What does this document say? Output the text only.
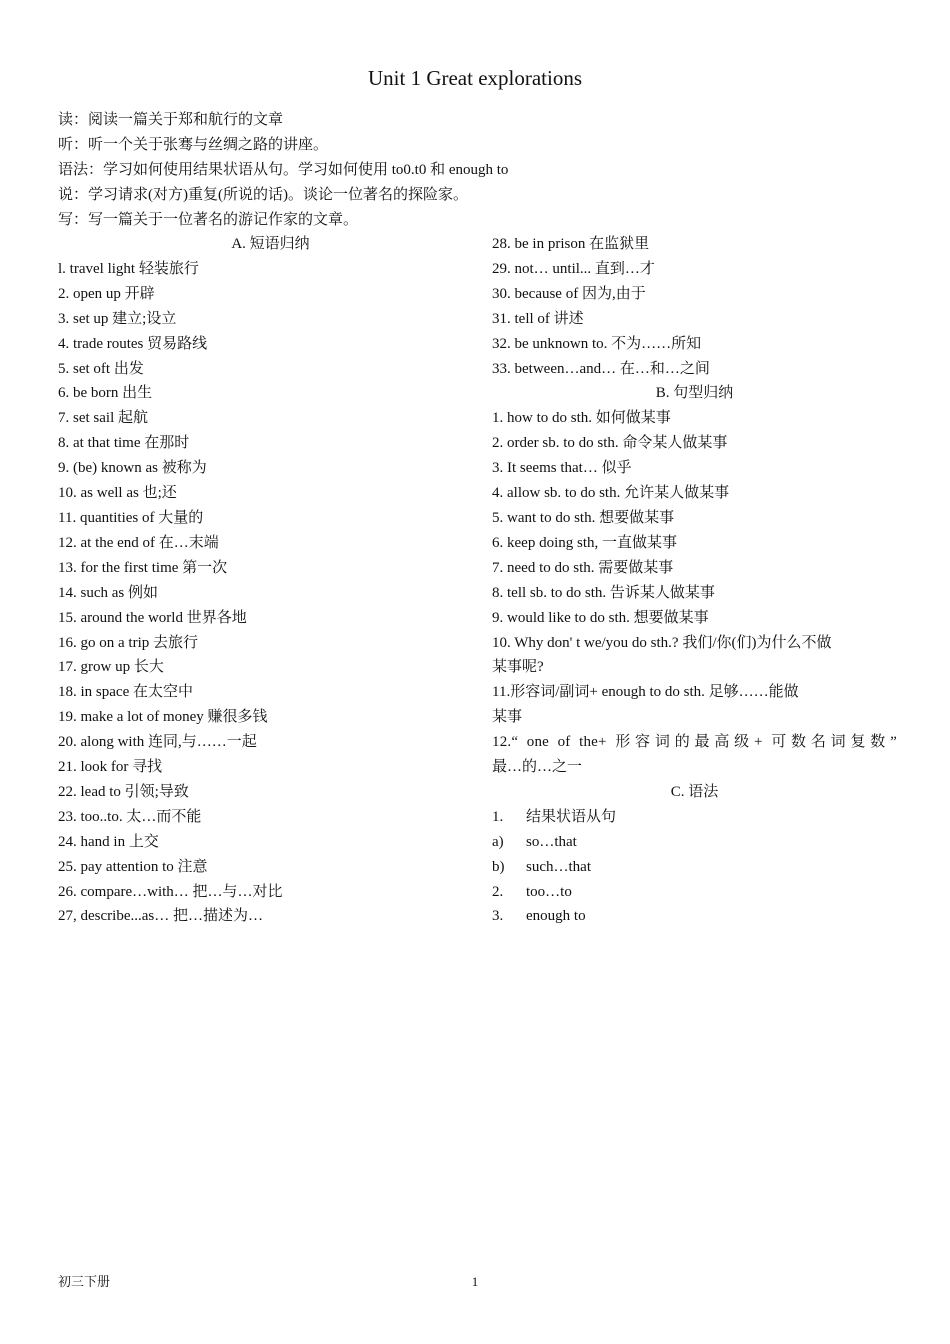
Unit 1 Great explorations
读：阅读一篇关于郑和航行的文章
听：听一个关于张骞与丝绸之路的讲座。
语法：学习如何使用结果状语从句。学习如何使用 to0.t0 和 enough to
说：学习请求(对方)重复(所说的话)。谈论一位著名的探险家。
写：写一篇关于一位著名的游记作家的文章。
A. 短语归纳
l. travel light 轻装旅行
2. open up 开辟
3. set up 建立;设立
4. trade routes 贸易路线
5. set oft 出发
6. be born 出生
7. set sail 起航
8. at that time 在那时
9. (be) known as 被称为
10. as well as 也;还
11. quantities of 大量的
12. at the end of 在…末端
13. for the first time 第一次
14. such as 例如
15. around the world 世界各地
16. go on a trip 去旅行
17. grow up 长大
18. in space 在太空中
19. make a lot of money 赚很多钱
20. along with 连同,与……一起
21. look for 寻找
22. lead to 引领;导致
23. too..to. 太…而不能
24. hand in 上交
25. pay attention to 注意
26. compare…with… 把…与…对比
27, describe...as… 把…描述为…
28. be in prison 在监狱里
29. not… until... 直到…才
30. because of 因为,由于
31. tell of 讲述
32. be unknown to. 不为……所知
33. between…and… 在…和…之间
B. 句型归纳
1. how to do sth. 如何做某事
2. order sb. to do sth. 命令某人做某事
3. It seems that… 似乎
4. allow sb. to do sth. 允许某人做某事
5. want to do sth. 想要做某事
6. keep doing sth, 一直做某事
7. need to do sth. 需要做某事
8. tell sb. to do sth. 告诉某人做某事
9. would like to do sth. 想要做某事
10. Why don' t we/you do sth.? 我们/你(们)为什么不做
某事呢?
11.形容词/副词+ enough to do sth. 足够……能做
某事
12.“ one of the+ 形容词的最高级+ 可数名词复数”
最…的…之一
C. 语法
1.	结果状语从句
a)	so…that
b)	such…that
2.	too…to
3.	enough to
初三下册	1
